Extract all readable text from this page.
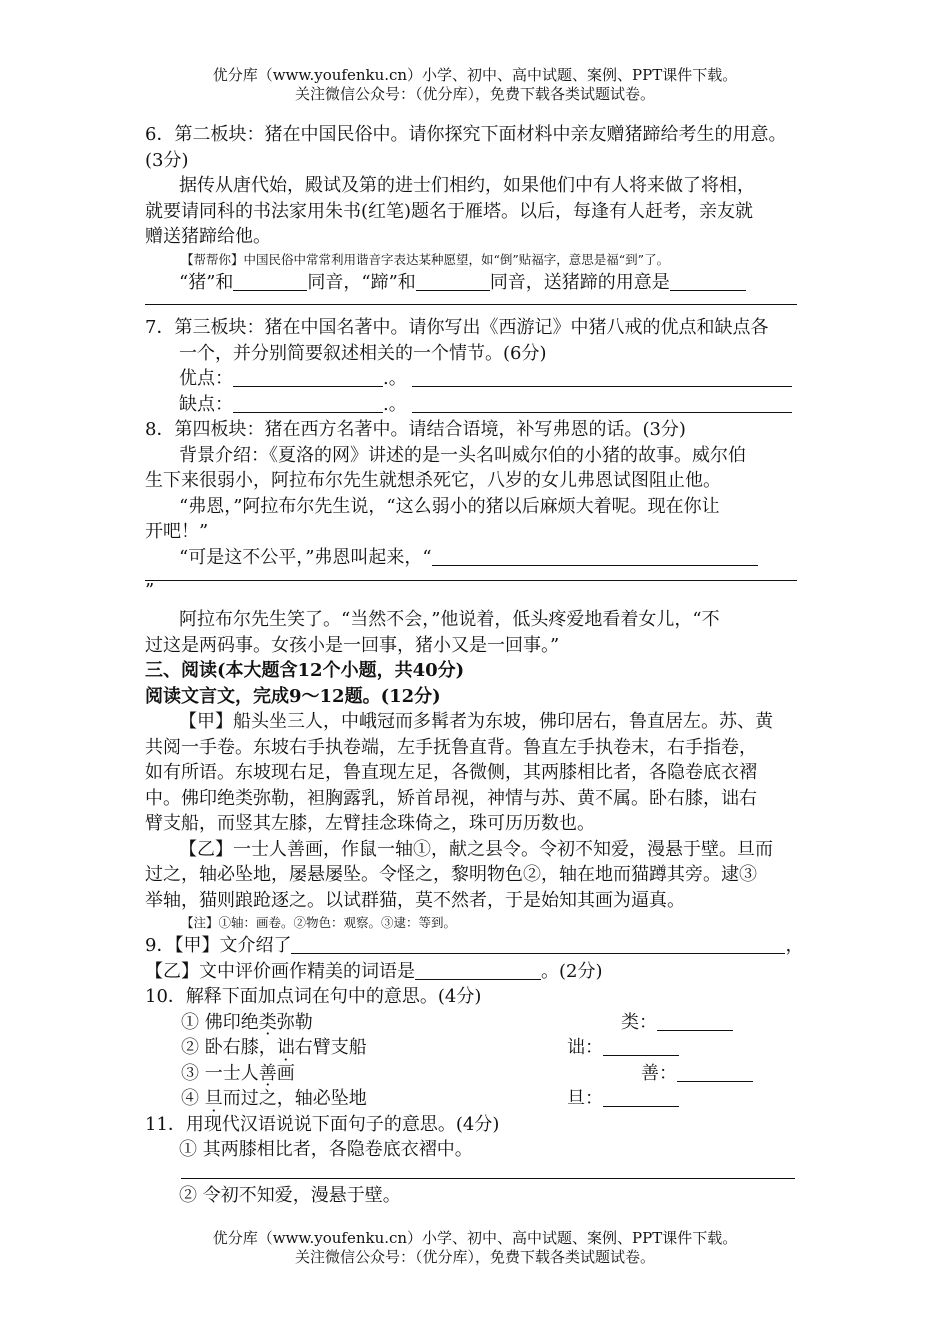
优分库（www.youfenku.cn）小学、初中、高中试题、案例、PPT课件下载。
关注微信公众号：（优分库），免费下载各类试题试卷。

6．第二板块：猪在中国民俗中。请你探究下面材料中亲友赠猪蹄给考生的用意。

(3分)

据传从唐代始，殿试及第的进士们相约，如果他们中有人将来做了将相，

就要请同科的书法家用朱书(红笔)题名于雁塔。以后，每逢有人赶考，亲友就

赠送猪蹄给他。

【帮帮你】中国民俗中常常利用谐音字表达某种愿望，如“倒”贴福字，意思是福“到”了。

“猪”和	同音，“蹄”和	同音，送猪蹄的用意是

7．第三板块：猪在中国名著中。请你写出《西游记》中猪八戒的优点和缺点各

一个，并分别简要叙述相关的一个情节。(6分)

优点：	.。

缺点：	.。

8．第四板块：猪在西方名著中。请结合语境，补写弗恩的话。(3分)

背景介绍：《夏洛的网》讲述的是一头名叫威尔伯的小猪的故事。威尔伯

生下来很弱小，阿拉布尔先生就想杀死它，八岁的女儿弗恩试图阻止他。

“弗恩，”阿拉布尔先生说，“这么弱小的猪以后麻烦大着呢。现在你让

开吧！”

“可是这不公平，”弗恩叫起来，“

”

阿拉布尔先生笑了。“当然不会，”他说着，低头疼爱地看着女儿，“不

过这是两码事。女孩小是一回事，猪小又是一回事。”

三、阅读(本大题含12个小题，共40分)

阅读文言文，完成9～12题。(12分)

【甲】船头坐三人，中峨冠而多髯者为东坡，佛印居右，鲁直居左。苏、黄

共阅一手卷。东坡右手执卷端，左手抚鲁直背。鲁直左手执卷末，右手指卷，

如有所语。东坡现右足，鲁直现左足，各微侧，其两膝相比者，各隐卷底衣褶

中。佛印绝类弥勒，袒胸露乳，矫首昂视，神情与苏、黄不属。卧右膝，诎右

臂支船，而竖其左膝，左臂挂念珠倚之，珠可历历数也。

【乙】一士人善画，作鼠一轴①，献之县令。令初不知爱，漫悬于壁。旦而

过之，轴必坠地，屡悬屡坠。令怪之，黎明物色②，轴在地而猫蹲其旁。逮③

举轴，猫则踉跄逐之。以试群猫，莫不然者，于是始知其画为逼真。

【注】①轴：画卷。②物色：观察。③逮：等到。

9．【甲】文介绍了	，

【乙】文中评价画作精美的词语是	。(2分)

10．解释下面加点词在句中的意思。(4分)

① 佛印绝类弥勒	类：
② 卧右膝，诎右臂支船	诎：
③ 一士人善画	善：
④ 旦而过之，轴必坠地	旦：

11．用现代汉语说说下面句子的意思。(4分)

① 其两膝相比者，各隐卷底衣褶中。

② 令初不知爱，漫悬于壁。

优分库（www.youfenku.cn）小学、初中、高中试题、案例、PPT课件下载。
关注微信公众号：（优分库），免费下载各类试题试卷。
